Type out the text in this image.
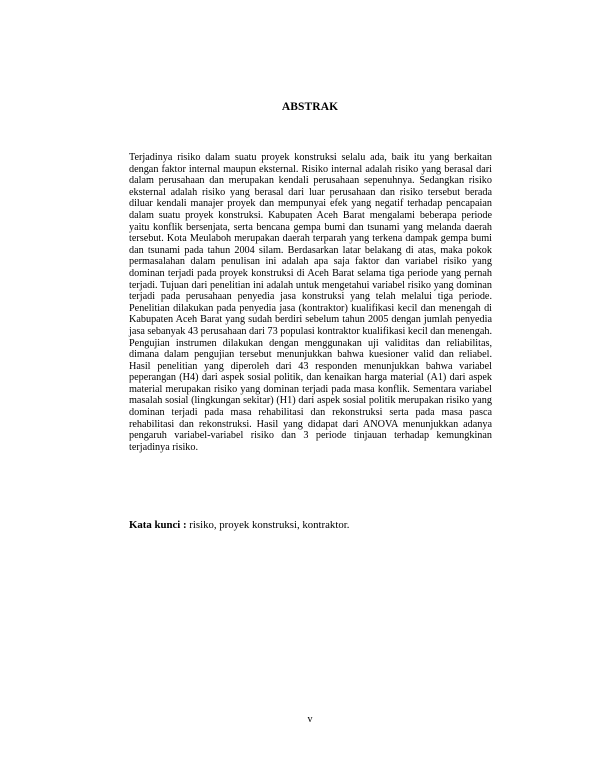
ABSTRAK

Terjadinya risiko dalam suatu proyek konstruksi selalu ada, baik itu yang berkaitan dengan faktor internal maupun eksternal. Risiko internal adalah risiko yang berasal dari dalam perusahaan dan merupakan kendali perusahaan sepenuhnya. Sedangkan risiko eksternal adalah risiko yang berasal dari luar perusahaan dan risiko tersebut berada diluar kendali manajer proyek dan mempunyai efek yang negatif terhadap pencapaian dalam suatu proyek konstruksi. Kabupaten Aceh Barat mengalami beberapa periode yaitu konflik bersenjata, serta bencana gempa bumi dan tsunami yang melanda daerah tersebut. Kota Meulaboh merupakan daerah terparah yang terkena dampak gempa bumi dan tsunami pada tahun 2004 silam. Berdasarkan latar belakang di atas, maka pokok permasalahan dalam penulisan ini adalah apa saja faktor dan variabel risiko yang dominan terjadi pada proyek konstruksi di Aceh Barat selama tiga periode yang pernah terjadi. Tujuan dari penelitian ini adalah untuk mengetahui variabel risiko yang dominan terjadi pada perusahaan penyedia jasa konstruksi yang telah melalui tiga periode. Penelitian dilakukan pada penyedia jasa (kontraktor) kualifikasi kecil dan menengah di Kabupaten Aceh Barat yang sudah berdiri sebelum tahun 2005 dengan jumlah penyedia jasa sebanyak 43 perusahaan dari 73 populasi kontraktor kualifikasi kecil dan menengah. Pengujian instrumen dilakukan dengan menggunakan uji validitas dan reliabilitas, dimana dalam pengujian tersebut menunjukkan bahwa kuesioner valid dan reliabel. Hasil penelitian yang diperoleh dari 43 responden menunjukkan bahwa variabel peperangan (H4) dari aspek sosial politik, dan kenaikan harga material (A1) dari aspek material merupakan risiko yang dominan terjadi pada masa konflik. Sementara variabel masalah sosial (lingkungan sekitar) (H1) dari aspek sosial politik merupakan risiko yang dominan terjadi pada masa rehabilitasi dan rekonstruksi serta pada masa pasca rehabilitasi dan rekonstruksi. Hasil yang didapat dari ANOVA menunjukkan adanya pengaruh variabel-variabel risiko dan 3 periode tinjauan terhadap kemungkinan terjadinya risiko.

Kata kunci : risiko, proyek konstruksi, kontraktor.

v
